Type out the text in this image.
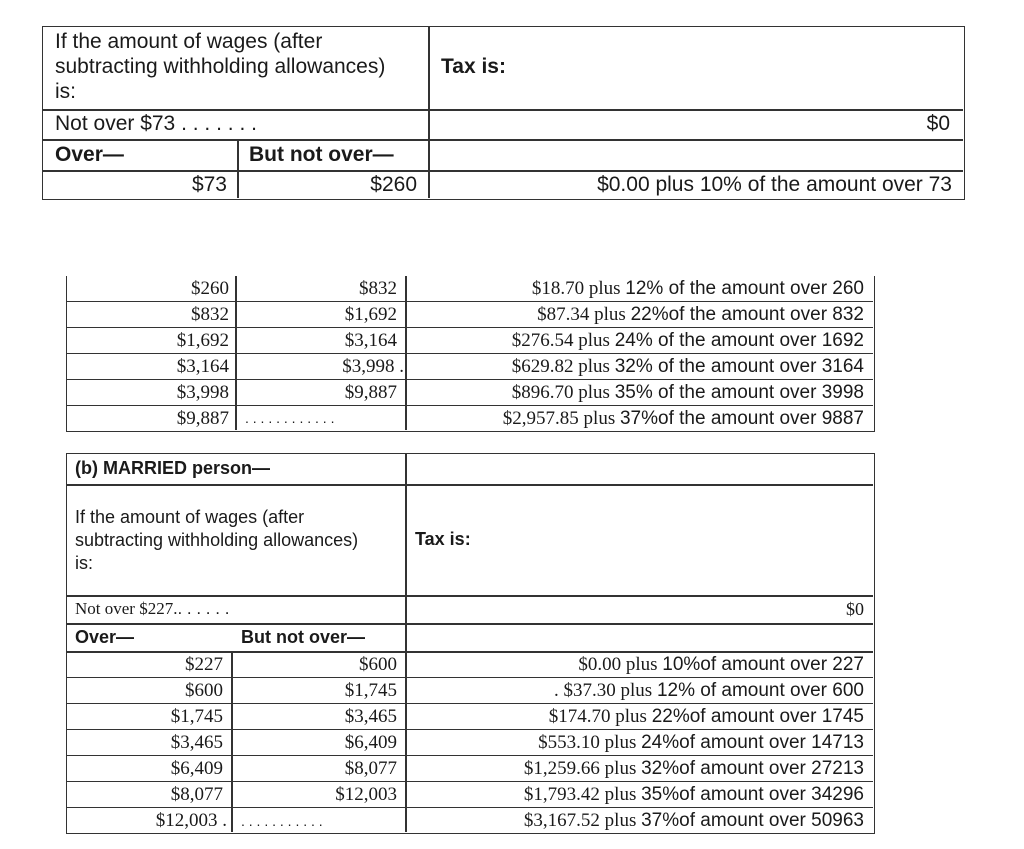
If the amount of wages (after
subtracting withholding allowances)
is:
Tax is:
Not over $73 . . . . . . .	$0
Over—	But not over—
$73	$260	$0.00 plus 10% of the amount over 73
$260	$832	$18.70 plus 12% of the amount over 260
$832	$1,692	$87.34 plus 22%of the amount over 832
$1,692	$3,164	$276.54 plus 24% of the amount over 1692
$3,164	$3,998 .	$629.82 plus 32% of the amount over 3164
$3,998	$9,887	$896.70 plus 35% of the amount over 3998
$9,887 . . . . . . . . . . . .	$2,957.85 plus 37%of the amount over 9887
(b) MARRIED person—
If the amount of wages (after
subtracting withholding allowances)
is:
Tax is:
Not over $227.. . . . . .	$0
Over—	But not over—
$227	$600	$0.00 plus 10%of amount over 227
$600	$1,745	. $37.30 plus 12% of amount over 600
$1,745	$3,465	$174.70 plus 22%of amount over 1745
$3,465	$6,409	$553.10 plus 24%of amount over 14713
$6,409	$8,077	$1,259.66 plus 32%of amount over 27213
$8,077	$12,003	$1,793.42 plus 35%of amount over 34296
$12,003 . . . . . . . . . . . .	$3,167.52 plus 37%of amount over 50963
